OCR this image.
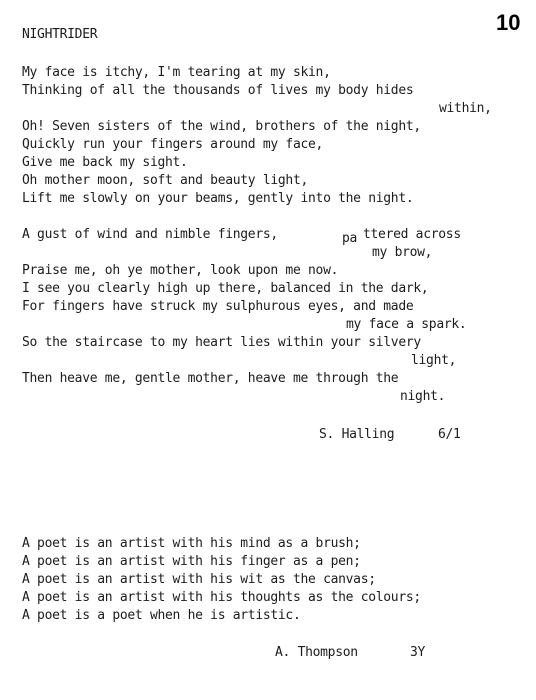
10
NIGHTRIDER
My face is itchy, I'm tearing at my skin,
Thinking of all the thousands of lives my body hides
within,
Oh! Seven sisters of the wind, brothers of the night,
Quickly run your fingers around my face,
Give me back my sight.
Oh mother moon, soft and beauty light,
Lift me slowly on your beams, gently into the night.
A gust of wind and nimble fingers,	pa ttered across
my brow,
Praise me, oh ye mother, look upon me now.
I see you clearly high up there, balanced in the dark,
For fingers have struck my sulphurous eyes, and made
my face a spark.
So the staircase to my heart lies within your silvery
light,
Then heave me, gentle mother, heave me through the
night.
S. Halling	6/1
A poet is an artist with his mind as a brush;
A poet is an artist with his finger as a pen;
A poet is an artist with his wit as the canvas;
A poet is an artist with his thoughts as the colours;
A poet is a poet when he is artistic.
A. Thompson	3Y
